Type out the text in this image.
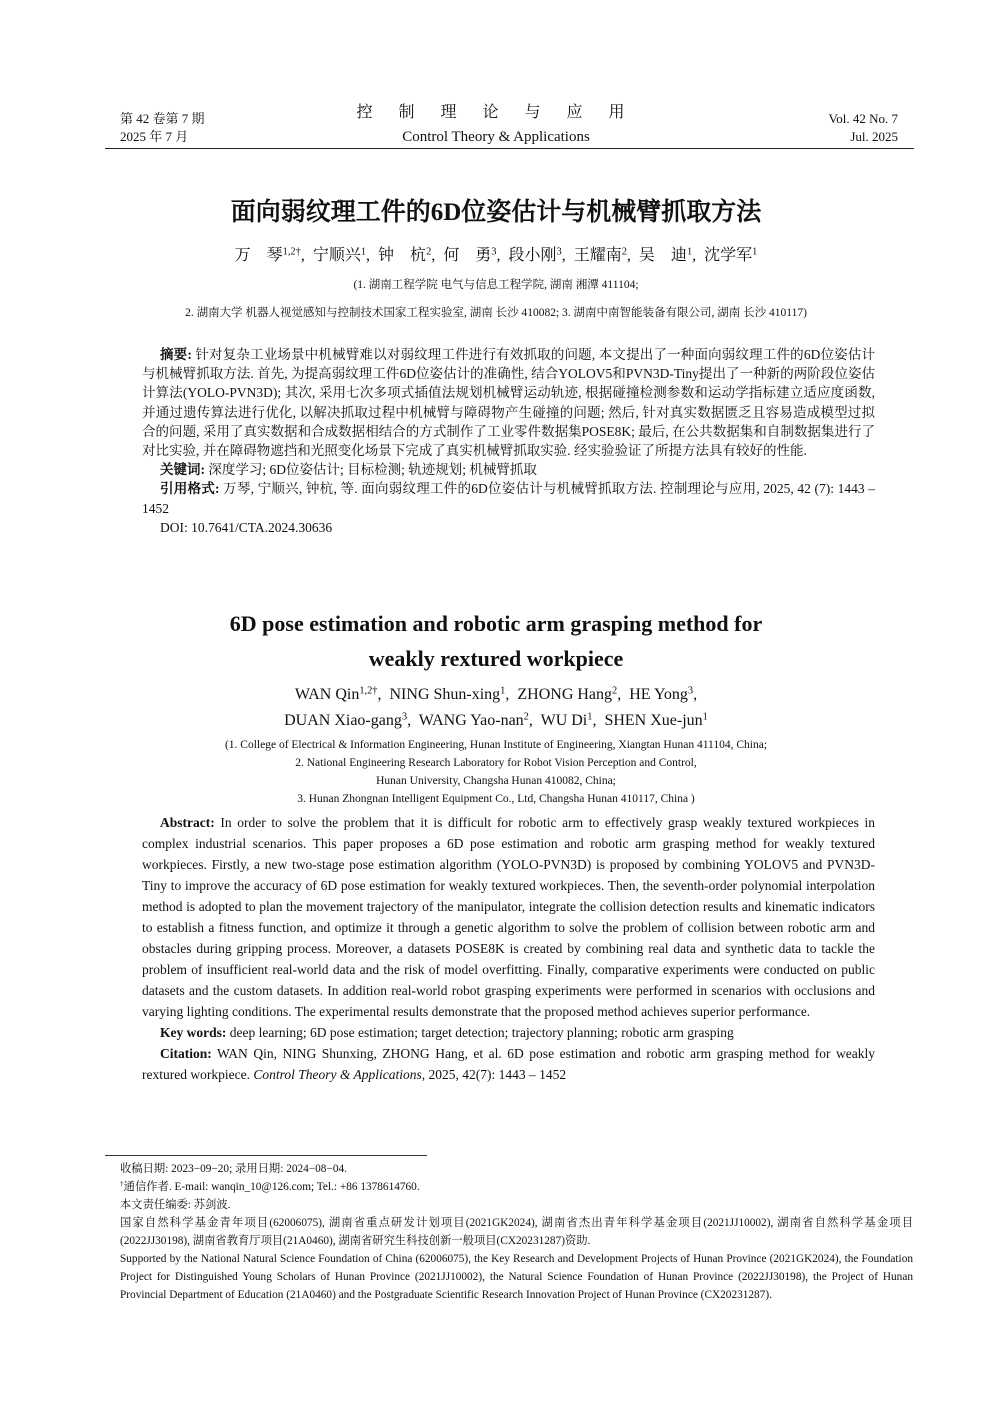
第 42 卷第 7 期
2025 年 7 月
控 制 理 论 与 应 用
Control Theory & Applications
Vol. 42 No. 7
Jul. 2025
面向弱纹理工件的6D位姿估计与机械臂抓取方法
万　琴$^{1,2\dagger}$,  宁顺兴$^1$,  钟　杭$^2$,  何　勇$^3$,  段小刚$^3$,  王耀南$^2$,  吴　迪$^1$,  沈学军$^1$
(1. 湖南工程学院 电气与信息工程学院, 湖南 湘潭 411104;
2. 湖南大学 机器人视觉感知与控制技术国家工程实验室, 湖南 长沙 410082; 3. 湖南中南智能装备有限公司, 湖南 长沙 410117)

摘要: 针对复杂工业场景中机械臂难以对弱纹理工件进行有效抓取的问题, 本文提出了一种面向弱纹理工件的6D位姿估计与机械臂抓取方法. 首先, 为提高弱纹理工件6D位姿估计的准确性, 结合YOLOV5和PVN3D-Tiny提出了一种新的两阶段位姿估计算法(YOLO-PVN3D); 其次, 采用七次多项式插值法规划机械臂运动轨迹, 根据碰撞检测参数和运动学指标建立适应度函数, 并通过遗传算法进行优化, 以解决抓取过程中机械臂与障碍物产生碰撞的问题; 然后, 针对真实数据匮乏且容易造成模型过拟合的问题, 采用了真实数据和合成数据相结合的方式制作了工业零件数据集POSE8K; 最后, 在公共数据集和自制数据集进行了对比实验, 并在障碍物遮挡和光照变化场景下完成了真实机械臂抓取实验. 经实验验证了所提方法具有较好的性能.

关键词: 深度学习; 6D位姿估计; 目标检测; 轨迹规划; 机械臂抓取

引用格式: 万琴, 宁顺兴, 钟杭, 等. 面向弱纹理工件的6D位姿估计与机械臂抓取方法. 控制理论与应用, 2025, 42 (7): 1443 – 1452

DOI: 10.7641/CTA.2024.30636

6D pose estimation and robotic arm grasping method for
weakly rextured workpiece
WAN Qin$^{1,2\dagger}$,  NING Shun-xing$^1$,  ZHONG Hang$^2$,  HE Yong$^3$,
DUAN Xiao-gang$^3$,  WANG Yao-nan$^2$,  WU Di$^1$,  SHEN Xue-jun$^1$
(1. College of Electrical & Information Engineering, Hunan Institute of Engineering, Xiangtan Hunan 411104, China;
2. National Engineering Research Laboratory for Robot Vision Perception and Control,
Hunan University, Changsha Hunan 410082, China;
3. Hunan Zhongnan Intelligent Equipment Co., Ltd, Changsha Hunan 410117, China )

Abstract: In order to solve the problem that it is difficult for robotic arm to effectively grasp weakly textured workpieces in complex industrial scenarios. This paper proposes a 6D pose estimation and robotic arm grasping method for weakly textured workpieces. Firstly, a new two-stage pose estimation algorithm (YOLO-PVN3D) is proposed by combining YOLOV5 and PVN3D-Tiny to improve the accuracy of 6D pose estimation for weakly textured workpieces. Then, the seventh-order polynomial interpolation method is adopted to plan the movement trajectory of the manipulator, integrate the collision detection results and kinematic indicators to establish a fitness function, and optimize it through a genetic algorithm to solve the problem of collision between robotic arm and obstacles during gripping process. Moreover, a datasets POSE8K is created by combining real data and synthetic data to tackle the problem of insufficient real-world data and the risk of model overfitting. Finally, comparative experiments were conducted on public datasets and the custom datasets. In addition real-world robot grasping experiments were performed in scenarios with occlusions and varying lighting conditions. The experimental results demonstrate that the proposed method achieves superior performance.

Key words: deep learning; 6D pose estimation; target detection; trajectory planning; robotic arm grasping

Citation: WAN Qin, NING Shunxing, ZHONG Hang, et al. 6D pose estimation and robotic arm grasping method for weakly rextured workpiece. Control Theory & Applications, 2025, 42(7): 1443 – 1452

收稿日期: 2023−09−20; 录用日期: 2024−08−04.

†通信作者. E-mail: wanqin_10@126.com; Tel.: +86 1378614760.

本文责任编委: 苏剑波.

国家自然科学基金青年项目(62006075), 湖南省重点研发计划项目(2021GK2024), 湖南省杰出青年科学基金项目(2021JJ10002), 湖南省自然科学基金项目(2022JJ30198), 湖南省教育厅项目(21A0460), 湖南省研究生科技创新一般项目(CX20231287)资助.

Supported by the National Natural Science Foundation of China (62006075), the Key Research and Development Projects of Hunan Province (2021GK2024), the Foundation Project for Distinguished Young Scholars of Hunan Province (2021JJ10002), the Natural Science Foundation of Hunan Province (2022JJ30198), the Project of Hunan Provincial Department of Education (21A0460) and the Postgraduate Scientific Research Innovation Project of Hunan Province (CX20231287).
